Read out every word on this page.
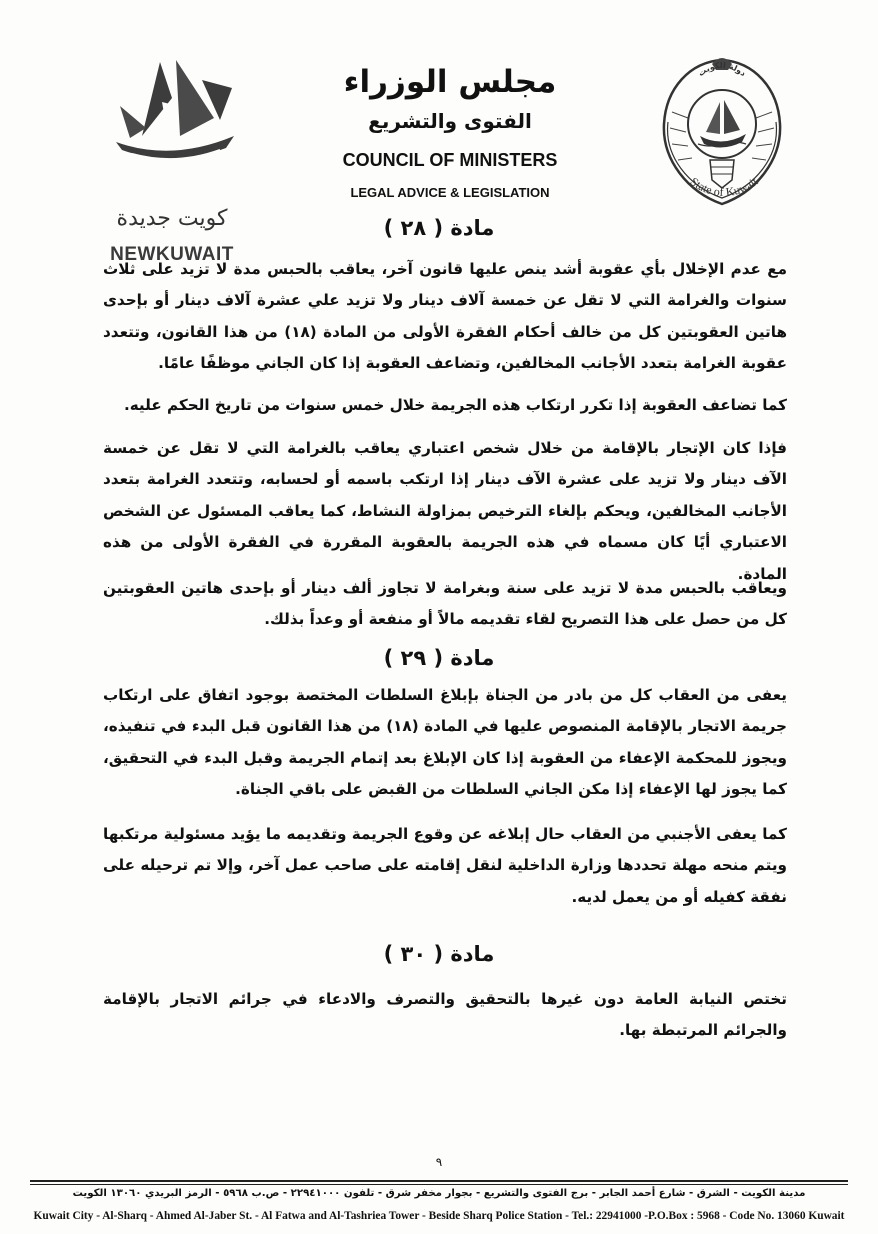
كويت جديدة
NEWKUWAIT
مجلس الوزراء
الفتوى والتشريع
COUNCIL OF MINISTERS
LEGAL ADVICE & LEGISLATION
دولة الكويت
State of Kuwait
مادة ( ٢٨ )
مع عدم الإخلال بأي عقوبة أشد ينص عليها قانون آخر، يعاقب بالحبس مدة لا تزيد على ثلاث سنوات والغرامة التي لا تقل عن خمسة آلاف دينار ولا تزيد علي عشرة آلاف دينار أو بإحدى هاتين العقوبتين كل من خالف أحكام الفقرة الأولى من المادة (١٨) من هذا القانون، وتتعدد عقوبة الغرامة بتعدد الأجانب المخالفين، وتضاعف العقوبة إذا كان الجاني موظفًا عامًا.
كما تضاعف العقوبة إذا تكرر ارتكاب هذه الجريمة خلال خمس سنوات من تاريخ الحكم عليه.
فإذا كان الإتجار بالإقامة من خلال شخص اعتباري يعاقب بالغرامة التي لا تقل عن خمسة الآف دينار ولا تزيد على عشرة الآف دينار إذا ارتكب باسمه أو لحسابه، وتتعدد الغرامة بتعدد الأجانب المخالفين، ويحكم بإلغاء الترخيص بمزاولة النشاط، كما يعاقب المسئول عن الشخص الاعتباري أيًا كان مسماه في هذه الجريمة بالعقوبة المقررة في الفقرة الأولى من هذه المادة.
ويعاقب بالحبس مدة لا تزيد على سنة وبغرامة لا تجاوز ألف دينار أو بإحدى هاتين العقوبتين كل من حصل على هذا التصريح لقاء تقديمه مالاً أو منفعة أو وعداً بذلك.
مادة ( ٢٩ )
يعفى من العقاب كل من بادر من الجناة بإبلاغ السلطات المختصة بوجود اتفاق على ارتكاب جريمة الاتجار بالإقامة المنصوص عليها في المادة (١٨) من هذا القانون قبل البدء في تنفيذه، ويجوز للمحكمة الإعفاء من العقوبة إذا كان الإبلاغ بعد إتمام الجريمة وقبل البدء في التحقيق، كما يجوز لها الإعفاء إذا مكن الجاني السلطات من القبض على باقي الجناة.
كما يعفى الأجنبي من العقاب حال إبلاغه عن وقوع الجريمة وتقديمه ما يؤيد مسئولية مرتكبها ويتم منحه مهلة تحددها وزارة الداخلية لنقل إقامته على صاحب عمل آخر، وإلا تم ترحيله على نفقة كفيله أو من يعمل لديه.
مادة ( ٣٠ )
تختص النيابة العامة دون غيرها بالتحقيق والتصرف والادعاء في جرائم الاتجار بالإقامة والجرائم المرتبطة بها.
٩
مدينة الكويت - الشرق - شارع أحمد الجابر - برج الفتوى والتشريع - بجوار مخفر شرق - تلفون ٢٢٩٤١٠٠٠ - ص.ب ٥٩٦٨ - الرمز البريدي ١٣٠٦٠ الكويت
Kuwait City - Al-Sharq - Ahmed Al-Jaber St. - Al Fatwa and Al-Tashriea Tower - Beside Sharq Police Station - Tel.: 22941000 -P.O.Box : 5968 - Code No. 13060 Kuwait
